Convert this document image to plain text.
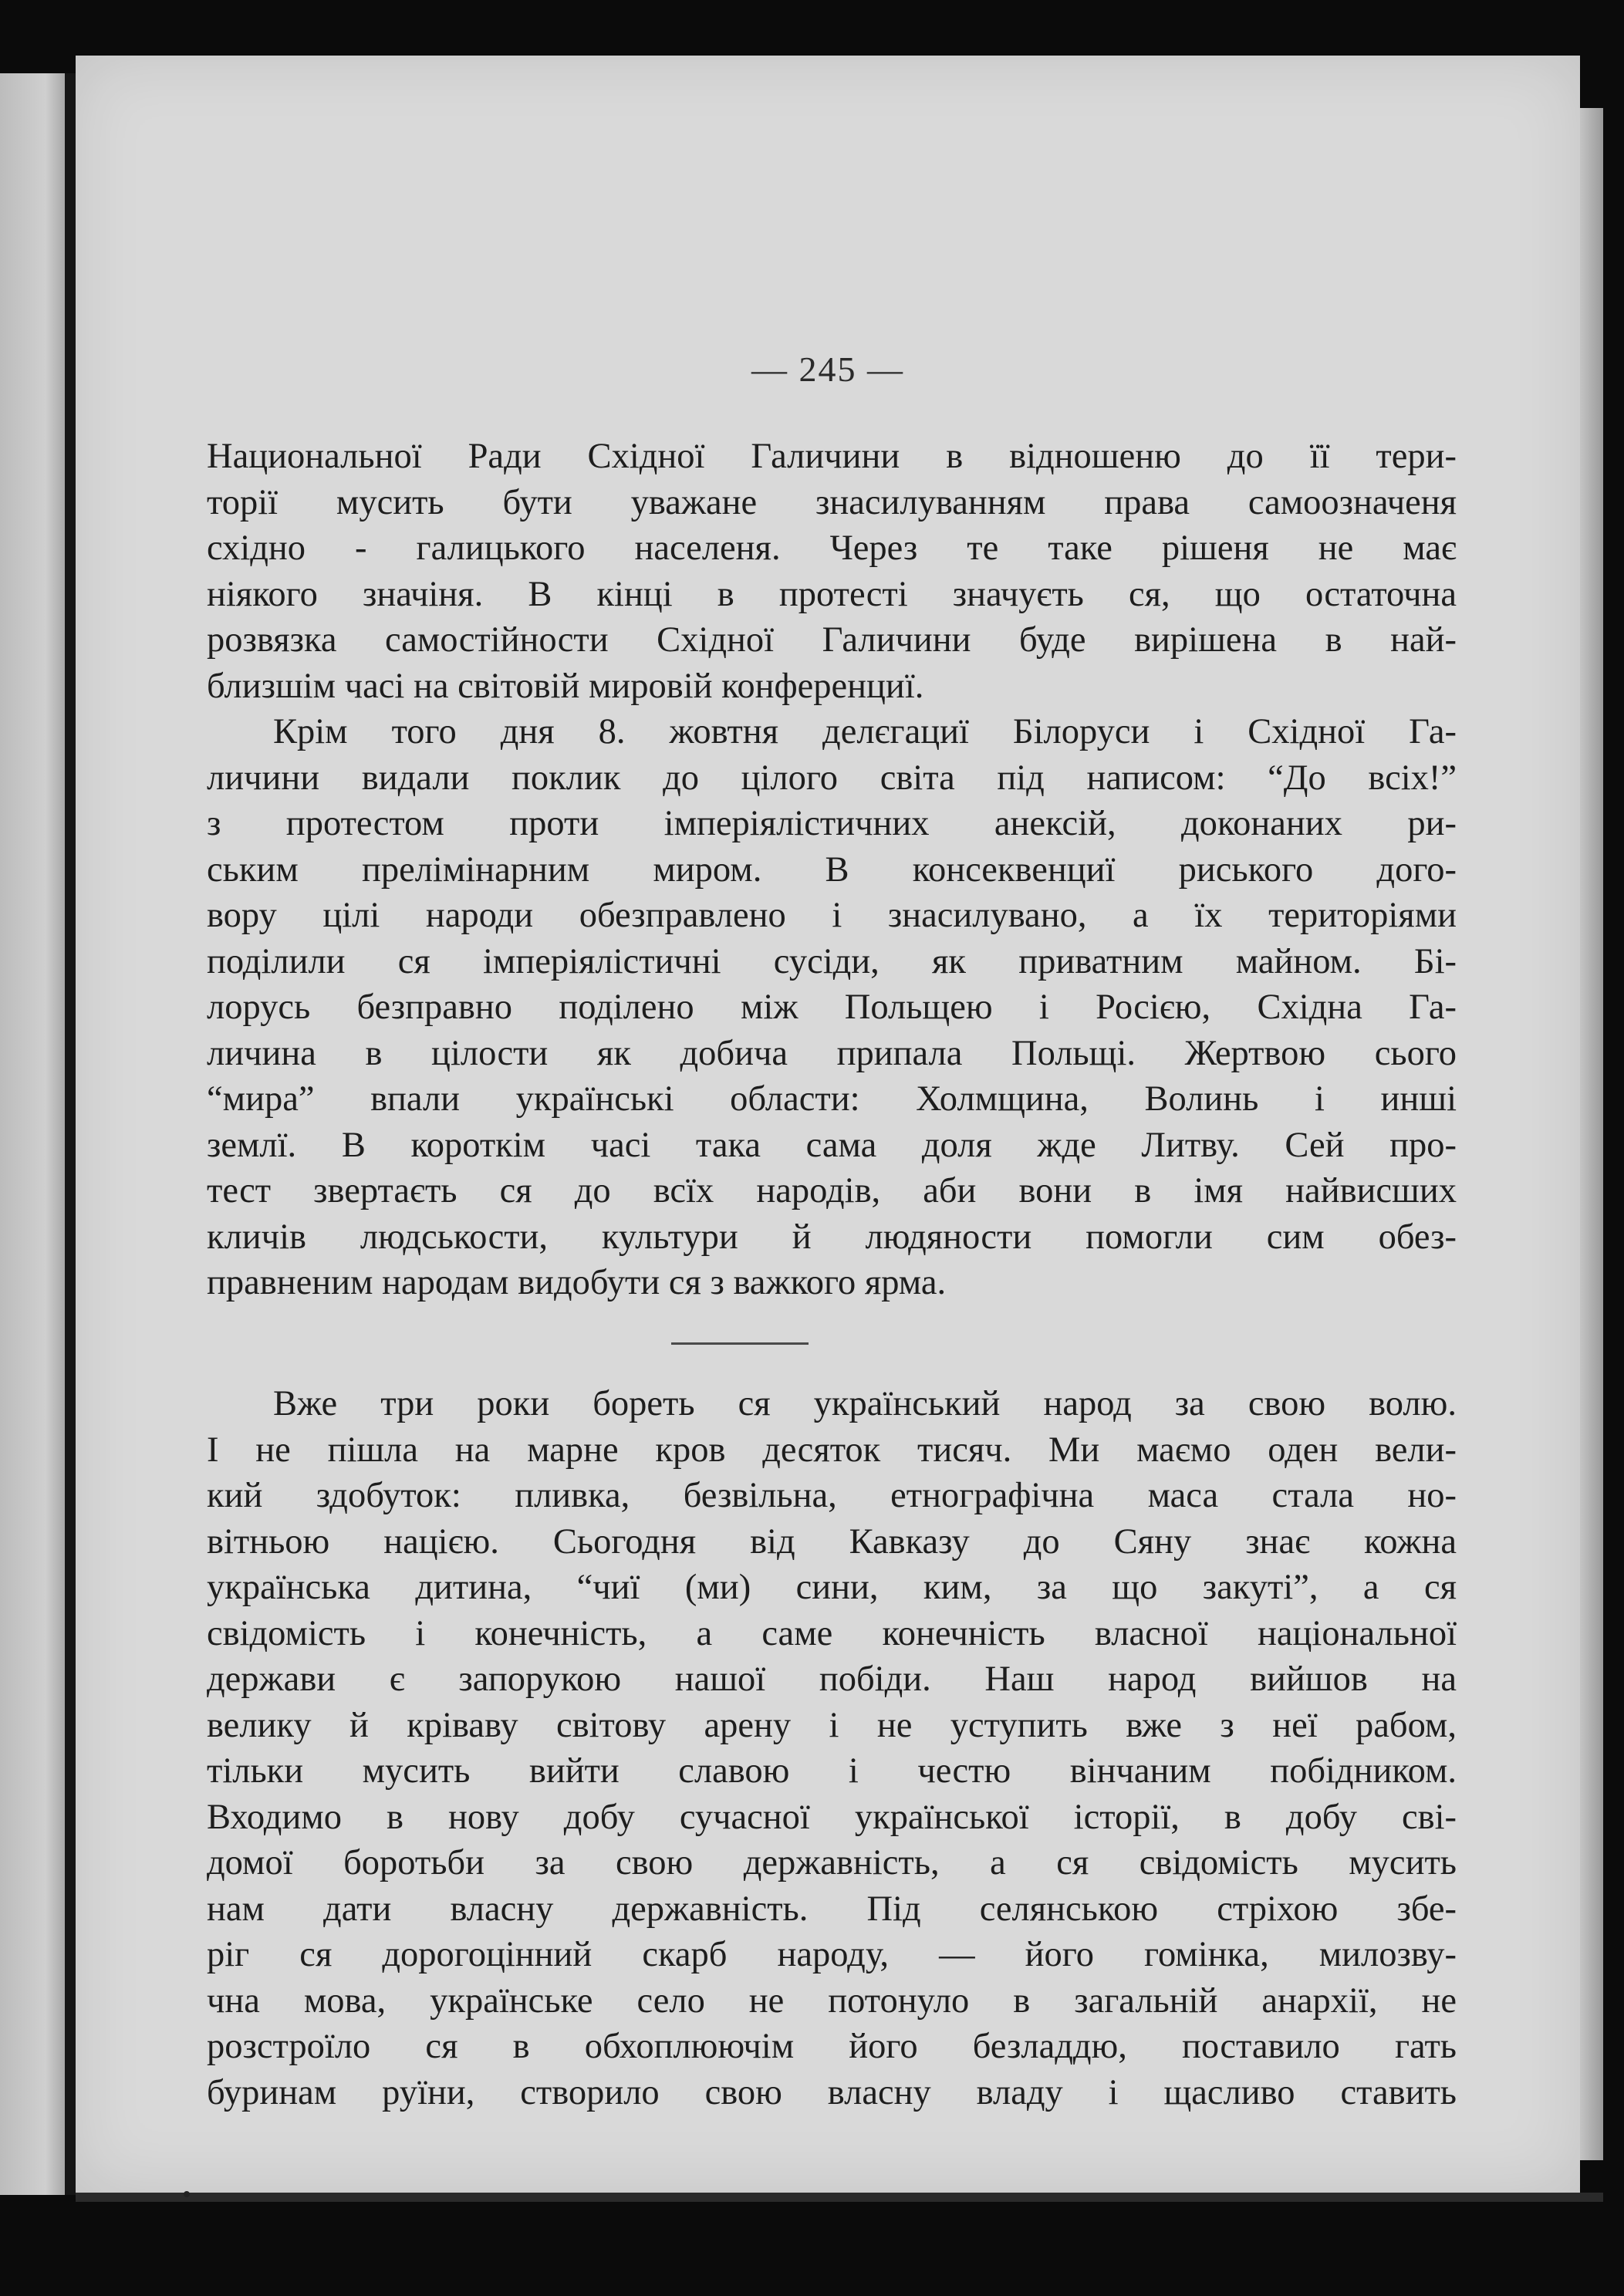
— 245 —

Национальної Ради Східної Галичини в відношеню до її тери-

торії мусить бути уважане знасилуванням права самоозначеня

східно - галицького населеня. Через те таке рішеня не має

ніякого значіня. В кінці в протесті значуєть ся, що остаточна

розвязка самостійности Східної Галичини буде вирішена в най-

близшім часі на світовій мировій конференциї.

Крім того дня 8. жовтня делєгациї Білоруси і Східної Га-

личини видали поклик до цілого світа під написом: “До всіх!”

з протестом проти імперіялістичних анексій, доконаних ри-

ським прелімінарним миром. В консеквенциї риського дого-

вору цілі народи обезправлено і знасилувано, а їх територіями

поділили ся імперіялістичні сусіди, як приватним майном. Бі-

лорусь безправно поділено між Польщею і Росією, Східна Га-

личина в цілости як добича припала Польщі. Жертвою сього

“мира” впали українські области: Холмщина, Волинь і инші

землї. В короткім часі така сама доля жде Литву. Сей про-

тест звертаєть ся до всїх народів, аби вони в імя найвисших

кличів людськости, культури й людяности помогли сим обез-

правненим народам видобути ся з важкого ярма.

Вже три роки бореть ся український народ за свою волю.

І не пішла на марне кров десяток тисяч. Ми маємо оден вели-

кий здобуток: пливка, безвільна, етнографічна маса стала но-

вітньою нацією. Сьогодня від Кавказу до Сяну знає кожна

українська дитина, “чиї (ми) сини, ким, за що закуті”, а ся

свідомість і конечність, а саме конечність власної національної

держави є запорукою нашої побіди. Наш народ вийшов на

велику й кріваву світову арену і не уступить вже з неї рабом,

тільки мусить вийти славою і честю вінчаним побідником.

Входимо в нову добу сучасної української історії, в добу сві-

домої боротьби за свою державність, а ся свідомість мусить

нам дати власну державність. Під селянською стріхою збе-

ріг ся дорогоцінний скарб народу, — його гомінка, милозву-

чна мова, українське село не потонуло в загальній анархії, не

розстроїло ся в обхоплюючім його безладдю, поставило гать

буринам руїни, створило свою власну владу і щасливо ставить
